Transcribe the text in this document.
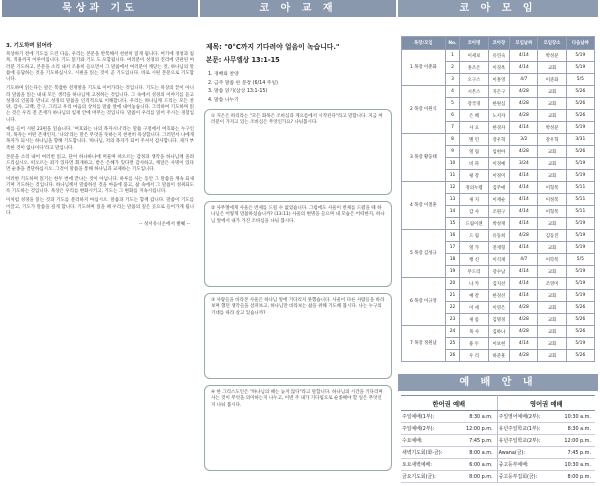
묵상과 기도
3. 기도하며 읽어라
묵상하기 전에 기도를 드린 다음, 우리는 본문을 반복해서 천천히 읽게 됩니다. 여기에 경청과 침묵, 적용까지 이루어집니다. 기도 읽기와 기도 도 포함됩니다. 여러분이 성경의 진리에 연관된 여러분 기도하고, 본문을 소리 내서 조용히 들으면서 그 말씀에서 여러분이 깨닫는 것, 하나님의 말씀에 응답하는 것을 기도하십시오. 시편을 읽는 것이 곧 기도입니다. 바로 시편 본문으로 기도합니다.
기도하며 읽는다는 말은 복잡한 전개방을 기도로 이어가라는 것입니다. 기도는 묵상의 끝이 아니라 말씀을 읽는 내내 모든 생각을 하나님께 고정하는 것입니다. 그 속에서 성경의 이야기를 듣고 성경의 인물과 만나고 성경의 말씀을 인격적으로 이해합니다. 우리는 하나님께 드리는 모든 찬양, 감사, 고백, 간구, 그리고 우리 마음의 상처를 말씀 앞에 내어놓습니다. 그리하여 기도하며 읽는 것은 우리 전 존재가 하나님의 임재 안에 머무는 것입니다. 말씀이 우리를 읽어 주시는 경험입니다.
예를 들어 시편 23편을 읽습니다. '여호와는 나의 목자시니'라는 말씀 구절에서 여호와는 누구인지, 목자는 어떤 존재인지, '나의'라는 말은 무엇을 뜻하는지 천천히 묵상합니다. 그러면서 나에게 목자가 되시는 하나님을 향해 기도합니다. '하나님, 저의 목자가 되어 주셔서 감사합니다. 제가 부족한 것이 없나이다'라고 말입니다.
본문을 소리 내어 여러번 읽고, 단어 하나하나에 머물며 떠오르는 감정과 생각을 하나님께 올려 드리십시오. 떠오르는 죄가 있다면 회개하고, 받은 은혜가 있다면 감사하고, 깨달은 사명이 있다면 순종을 결단하십시오. 그것이 말씀을 통해 하나님과 교제하는 기도입니다.
이러한 기도하며 읽기는 한두 번에 끝나는 것이 아닙니다. 하루를 사는 동안 그 말씀을 계속 되새기며 기도하는 것입니다. 하나님께서 말씀하신 것을 마음에 품고, 삶 속에서 그 말씀이 성취되도록 기도하는 것입니다. 묵상은 우리를 변화시키고, 기도는 그 변화를 지속시킵니다.
이처럼 성경을 읽는 것과 기도를 분리하지 마십시오. 말씀과 기도는 함께 갑니다. 말씀이 기도를 이끌고, 기도가 말씀을 깊게 합니다. 기도하며 읽을 때 우리는 말씀의 깊은 곳으로 들어가게 됩니다.
-- 성서유니온에서 발췌 --
코 아 교 재
제목: "0°C까지 기다려야 얼음이 녹습니다."
본문: 사무엘상 13:1-15
1. 경배와 찬양
2. 금주 말씀 한 문장 (6/14 주일)
3. 말씀 읽기(삼상 13:1-15)
4. 말씀 나누기
① 지은은 하리라는 "모든 화목은 조바심과 게으름에서 시작된다"라고 말합니다. 지금 여러분이 가지고 있는 조바심은 무엇인가요? 나눠봅시다.
② 사무엘에게 사울은 번제를 드릴 수 없었습니다. 그럼에도 사울이 번제를 드렸을 때 하나님은 어떻게 말씀하셨습니까? (13:11) 사울의 변명을 들으며 내 모습은 어떠한지, 하나님 앞에서 내가 가진 조바심을 나눠 봅시다.
③ 사람들을 바라본 사울은 하나님 앞에 기다리지 못했습니다. 사울이 다른 사람들을 바라보며 했던 생각들을 살펴보고, 하나님만 바라보는 삶을 위해 기도해 봅시다. 나는 누구의 기대를 따라 살고 있습니까?
④ 한 그리스도인은 "하나님의 때는 늦지 않다"라고 말합니다. 하나님의 시간을 기다리며 사는 것이 무엇을 의미하는지 나누고, 이번 주 내가 기다림으로 순종해야 할 일은 무엇인지 나눠 봅시다.
코 아 모 임
목장/모임	No.	코아명	코아장	모임날짜	모임장소	다음날짜
1 목장 이춘화	1	이세보	유연숙	4/14	박성분	5/19
	2	홍조은	이경옥	4/14	교회	5/19
	3	오구스	이홍영	4/7	이준화	5/5
2 목장 이원식	4	시몬스	지은구	4/28	교회	5/26
	5	강국경	한원심	4/28	교회	5/26
	6	은 혜	노서자	4/28	교회	5/26
	7	사 요	한경자	4/14	박성분	5/19
3 목장 황웅태	8	멜 린	강우혁	3/2	강우혁	3/31
	9	열 림	임현아	4/28	교회	5/26
	10	비 파	이경예	3/24	교회	5/19
	11	평 강	이정미	4/14	교회	5/19
4 목장 이철훈	12	정의누렘	김주애	4/14	이형복	5/11
	13	새 지	이재순	4/14	이정복	5/11
	14	감 사	조원구	4/14	이형복	5/11
	15	드림이젠	박성재	4/14	교회	5/19
5 목장 김성규	16	드 림	유동희	4/28	김동진	5/19
	17	열 가	전재형	4/14	교회	5/19
	18	행 신	이석재	4/7	이학복	5/5
	19	무드리	강수남	4/14	교회	5/19
6 목장 이규영	20	나 카	김지선	4/14	조영미	5/19
	21	예 갈	한경선	4/14	교회	5/19
	22	이 세	이영은	4/28	교회	5/26
	23	새 롬	김명정	4/28	교회	5/26
7 목장 정원남	24	목 사	김하나	4/28	교회	5/26
	25	용 두	이보현	4/14	교회	5/19
	26	우 리	하준훈	4/28	교회	5/26
예 배 안 내
한어권 예배		영어권 예배	
주일예배(1부):	8:30 a.m.	주일영어예배(2부):	10:30 a.m.
주일예배(2부):	12:00 p.m.	유년주일학교(1부):	8:30 a.m.
수요예배:	7:45 p.m.	유년주일학교(2부):	12:00 p.m.
새벽기도회(화-금):	8:00 a.m.	Awana(금):	7:45 p.m.
토요새벽예배:	6:00 a.m.	중고등부예배:	10:30 a.m.
금요기도회(금):	8:00 p.m.	중고등부집회(금):	8:00 p.m.
